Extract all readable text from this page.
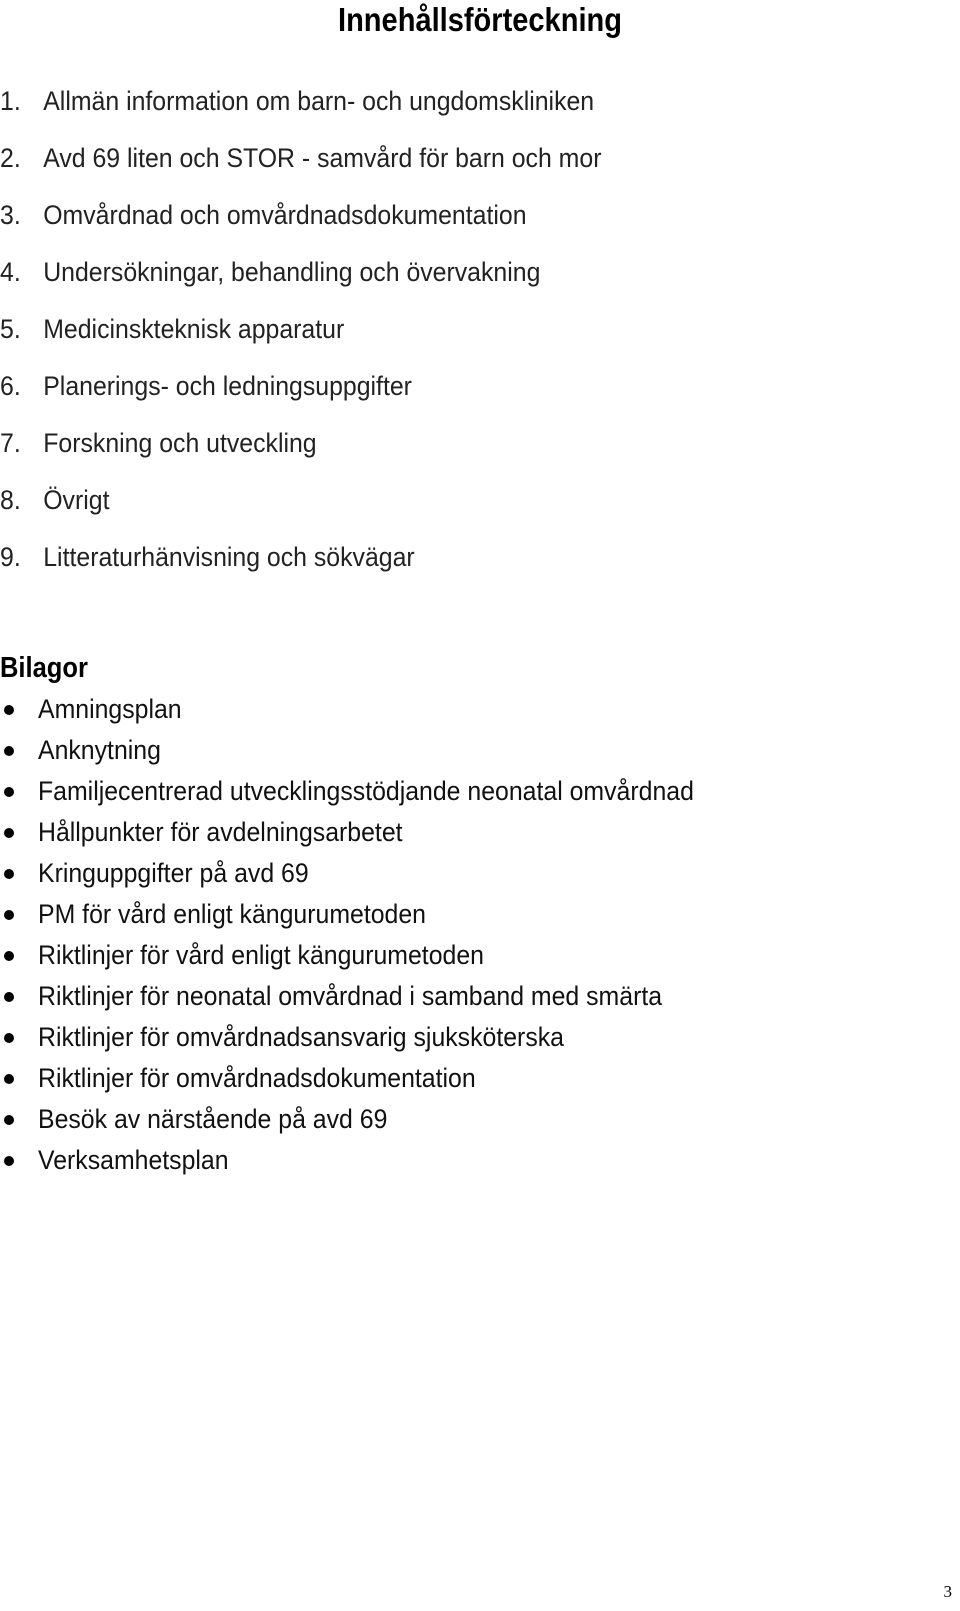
Innehållsförteckning
1. Allmän information om barn- och ungdomskliniken
2. Avd 69 liten och STOR - samvård för barn och mor
3. Omvårdnad och omvårdnadsdokumentation
4. Undersökningar, behandling och övervakning
5. Medicinskteknisk apparatur
6. Planerings- och ledningsuppgifter
7. Forskning och utveckling
8. Övrigt
9. Litteraturhänvisning och sökvägar
Bilagor
Amningsplan
Anknytning
Familjecentrerad utvecklingsstödjande neonatal omvårdnad
Hållpunkter för avdelningsarbetet
Kringuppgifter på avd 69
PM för vård enligt kängurumetoden
Riktlinjer för vård enligt kängurumetoden
Riktlinjer för neonatal omvårdnad i samband med smärta
Riktlinjer för omvårdnadsansvarig sjuksköterska
Riktlinjer för omvårdnadsdokumentation
Besök av närstående på avd 69
Verksamhetsplan
3
